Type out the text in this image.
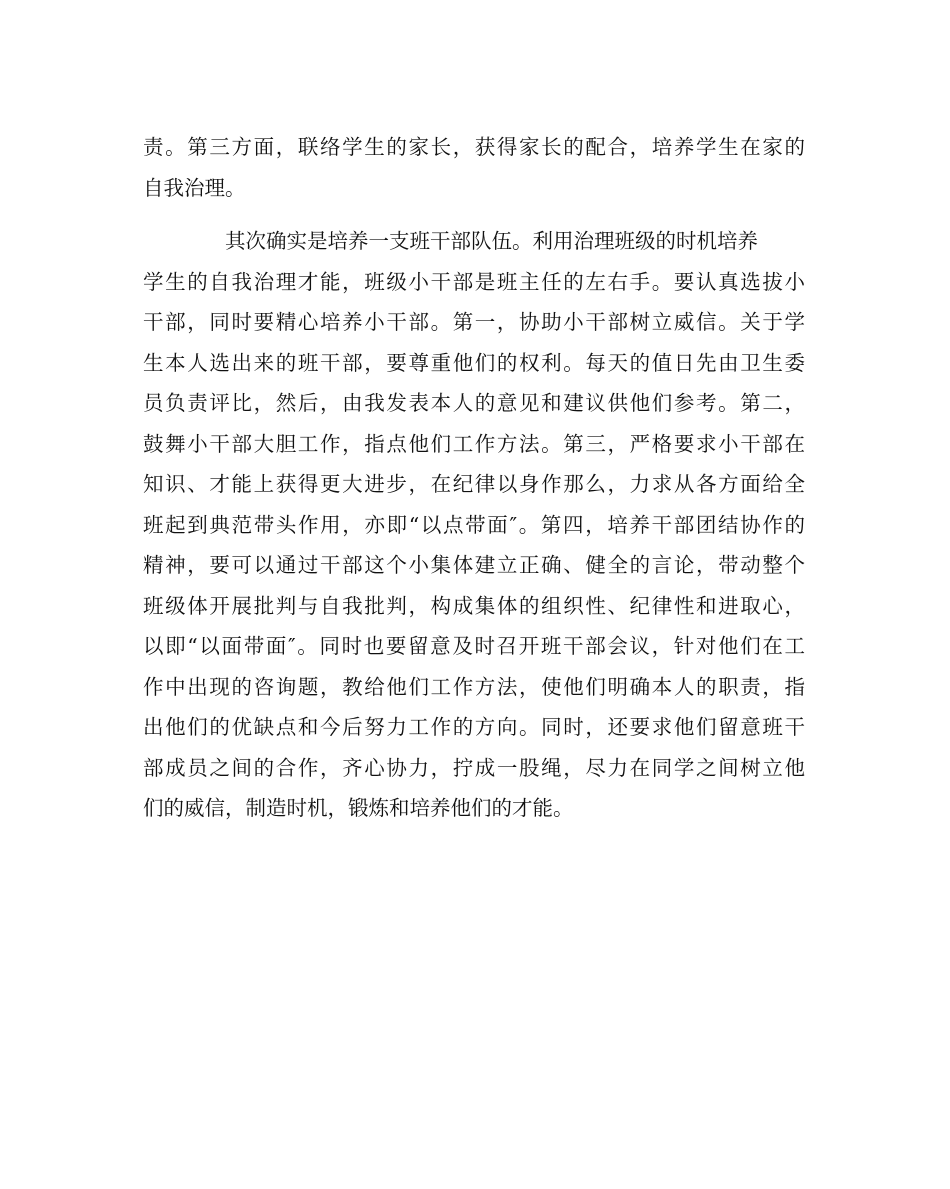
责。第三方面，联络学生的家长，获得家长的配合，培养学生在家的
自我治理。
其次确实是培养一支班干部队伍。利用治理班级的时机培养
学生的自我治理才能，班级小干部是班主任的左右手。要认真选拔小
干部，同时要精心培养小干部。第一，协助小干部树立威信。关于学
生本人选出来的班干部，要尊重他们的权利。每天的值日先由卫生委
员负责评比，然后，由我发表本人的意见和建议供他们参考。第二，
鼓舞小干部大胆工作，指点他们工作方法。第三，严格要求小干部在
知识、才能上获得更大进步，在纪律以身作那么，力求从各方面给全
班起到典范带头作用，亦即“以点带面″。第四，培养干部团结协作的
精神，要可以通过干部这个小集体建立正确、健全的言论，带动整个
班级体开展批判与自我批判，构成集体的组织性、纪律性和进取心，
以即“以面带面″。同时也要留意及时召开班干部会议，针对他们在工
作中出现的咨询题，教给他们工作方法，使他们明确本人的职责，指
出他们的优缺点和今后努力工作的方向。同时，还要求他们留意班干
部成员之间的合作，齐心协力，拧成一股绳，尽力在同学之间树立他
们的威信，制造时机，锻炼和培养他们的才能。
